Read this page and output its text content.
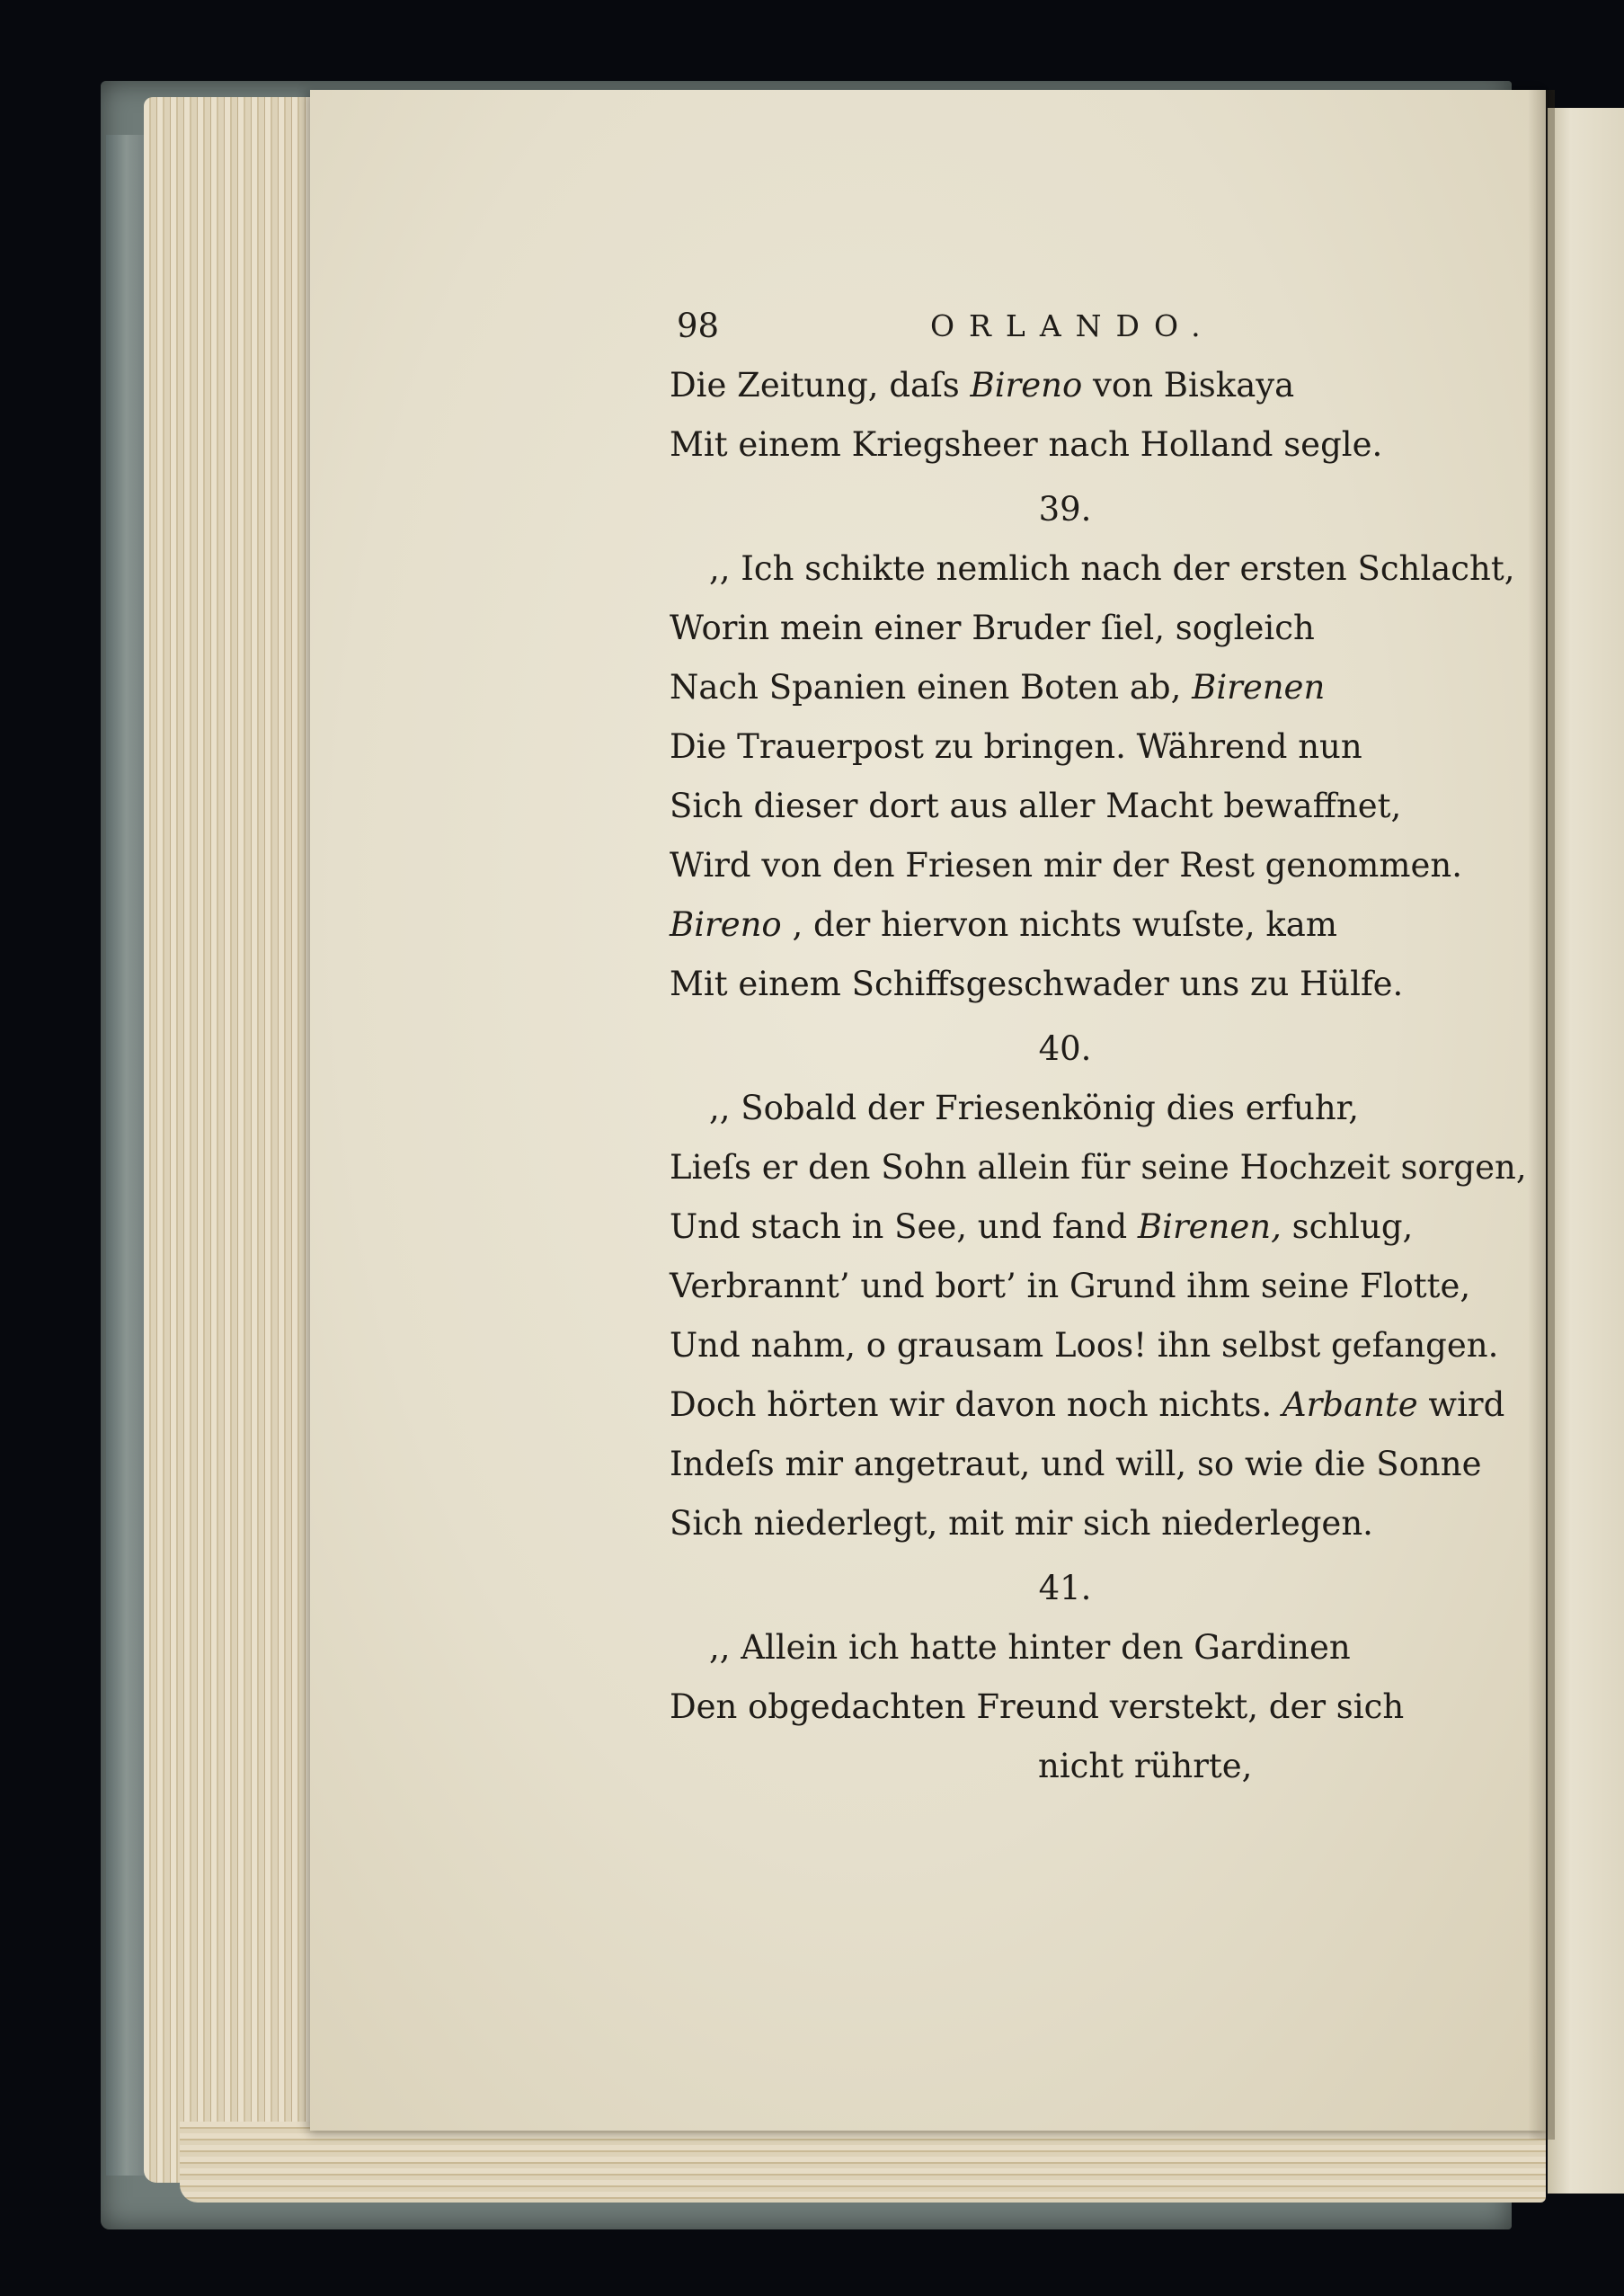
98	ORLANDO.
Die Zeitung, daſs Bireno von Biskaya
Mit einem Kriegsheer nach Holland segle.
39.
,, Ich schikte nemlich nach der ersten Schlacht,
Worin mein einer Bruder ſiel, sogleich
Nach Spanien einen Boten ab, Birenen
Die Trauerpost zu bringen. Während nun
Sich dieser dort aus aller Macht bewaffnet,
Wird von den Friesen mir der Rest genommen.
Bireno , der hiervon nichts wuſste, kam
Mit einem Schiffsgeschwader uns zu Hülfe.
40.
,, Sobald der Friesenkönig dies erfuhr,
Lieſs er den Sohn allein für seine Hochzeit sorgen,
Und stach in See, und fand Birenen, schlug,
Verbrannt’ und bort’ in Grund ihm seine Flotte,
Und nahm, o grausam Loos! ihn selbst gefangen.
Doch hörten wir davon noch nichts. Arbante wird
Indeſs mir angetraut, und will, so wie die Sonne
Sich niederlegt, mit mir sich niederlegen.
41.
,, Allein ich hatte hinter den Gardinen
Den obgedachten Freund verstekt, der sich
nicht rührte,
